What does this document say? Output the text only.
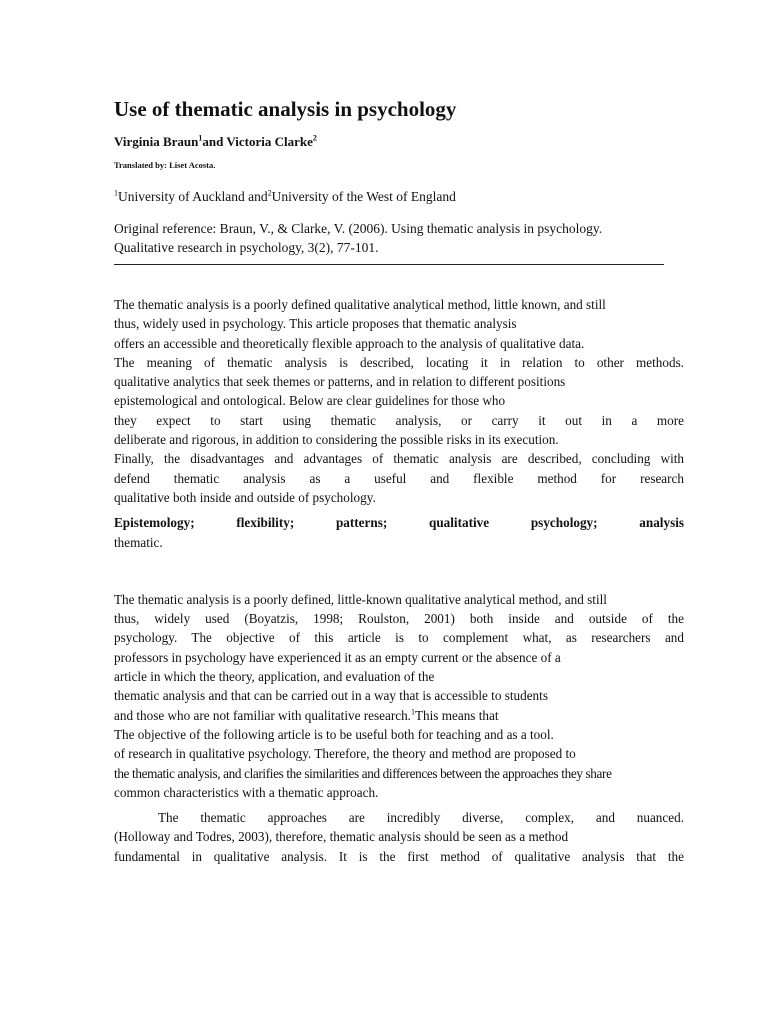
Use of thematic analysis in psychology
Virginia Braun$^1$and Victoria Clarke$^2$
Translated by: Liset Acosta.
$^1$University of Auckland and$^2$University of the West of England
Original reference: Braun, V., & Clarke, V. (2006). Using thematic analysis in psychology.
Qualitative research in psychology, 3(2), 77-101.
The thematic analysis is a poorly defined qualitative analytical method, little known, and still
thus, widely used in psychology. This article proposes that thematic analysis
offers an accessible and theoretically flexible approach to the analysis of qualitative data.
The meaning of thematic analysis is described, locating it in relation to other methods.
qualitative analytics that seek themes or patterns, and in relation to different positions
epistemological and ontological. Below are clear guidelines for those who
they expect to start using thematic analysis, or carry it out in a more
deliberate and rigorous, in addition to considering the possible risks in its execution.
Finally, the disadvantages and advantages of thematic analysis are described, concluding with
defend thematic analysis as a useful and flexible method for research
qualitative both inside and outside of psychology.
Epistemology; flexibility; patterns; qualitative psychology; analysis
thematic.
The thematic analysis is a poorly defined, little-known qualitative analytical method, and still
thus, widely used (Boyatzis, 1998; Roulston, 2001) both inside and outside of the
psychology. The objective of this article is to complement what, as researchers and
professors in psychology have experienced it as an empty current or the absence of a
article in which the theory, application, and evaluation of the
thematic analysis and that can be carried out in a way that is accessible to students
and those who are not familiar with qualitative research.$^1$This means that
The objective of the following article is to be useful both for teaching and as a tool.
of research in qualitative psychology. Therefore, the theory and method are proposed to
the thematic analysis, and clarifies the similarities and differences between the approaches they share
common characteristics with a thematic approach.
The thematic approaches are incredibly diverse, complex, and nuanced.
(Holloway and Todres, 2003), therefore, thematic analysis should be seen as a method
fundamental in qualitative analysis. It is the first method of qualitative analysis that the
